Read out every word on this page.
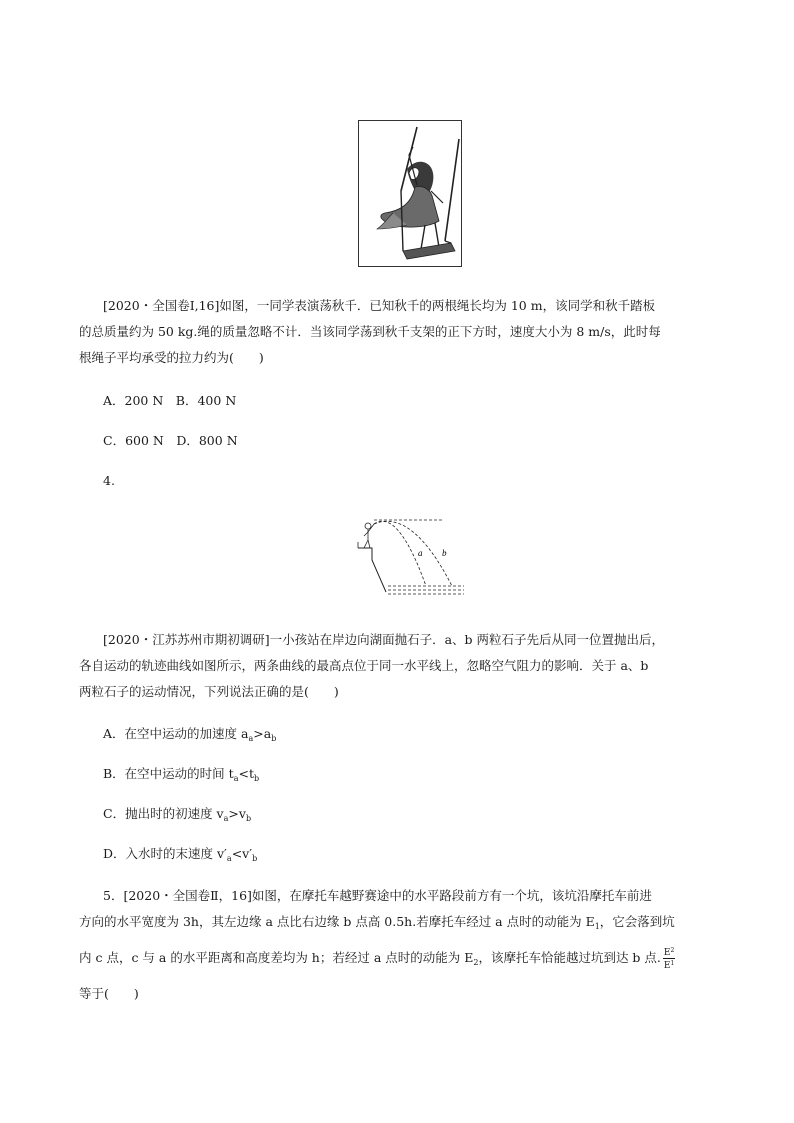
[2020・全国卷Ⅰ,16]如图，一同学表演荡秋千．已知秋千的两根绳长均为 10 m，该同学和秋千踏板
的总质量约为 50 kg.绳的质量忽略不计．当该同学荡到秋千支架的正下方时，速度大小为 8 m/s，此时每
根绳子平均承受的拉力约为(　　)
A．200 N　B．400 N
C．600 N　D．800 N
4.
a b
[2020・江苏苏州市期初调研]一小孩站在岸边向湖面抛石子．a、b 两粒石子先后从同一位置抛出后，
各自运动的轨迹曲线如图所示，两条曲线的最高点位于同一水平线上，忽略空气阻力的影响．关于 a、b
两粒石子的运动情况，下列说法正确的是(　　)
A．在空中运动的加速度 $a_a>a_b$
B．在空中运动的时间 $t_a<t_b$
C．抛出时的初速度 $v_a>v_b$
D．入水时的末速度 $v'_a<v'_b$
5．[2020・全国卷Ⅱ，16]如图，在摩托车越野赛途中的水平路段前方有一个坑，该坑沿摩托车前进
方向的水平宽度为 3h，其左边缘 a 点比右边缘 b 点高 0.5h.若摩托车经过 a 点时的动能为 $E_1$，它会落到坑
内 c 点，c 与 a 的水平距离和高度差均为 h；若经过 a 点时的动能为 $E_2$，该摩托车恰能越过坑到达 b 点. $\frac{E^2}{E^1}$
等于(　　)
